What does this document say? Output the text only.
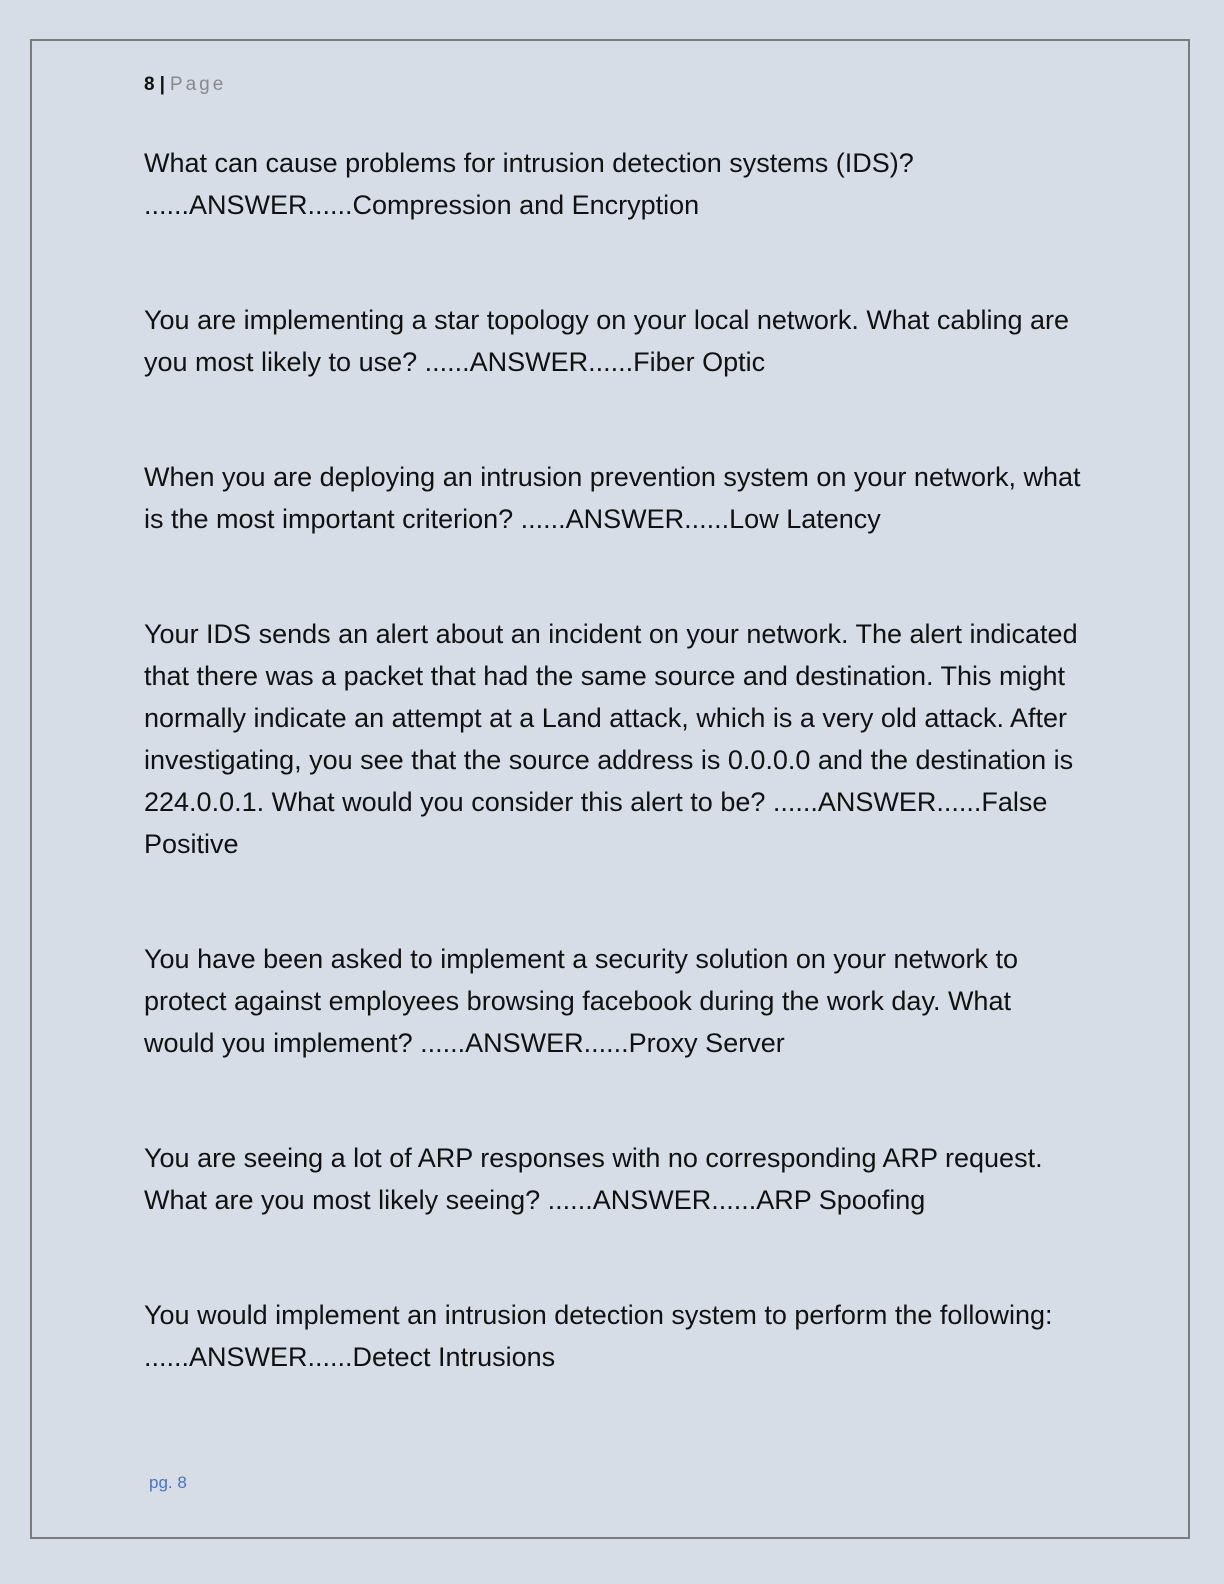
8 | Page

What can cause problems for intrusion detection systems (IDS)? ......ANSWER......Compression and Encryption

You are implementing a star topology on your local network. What cabling are you most likely to use? ......ANSWER......Fiber Optic

When you are deploying an intrusion prevention system on your network, what is the most important criterion? ......ANSWER......Low Latency

Your IDS sends an alert about an incident on your network. The alert indicated that there was a packet that had the same source and destination. This might normally indicate an attempt at a Land attack, which is a very old attack. After investigating, you see that the source address is 0.0.0.0 and the destination is 224.0.0.1. What would you consider this alert to be? ......ANSWER......False Positive

You have been asked to implement a security solution on your network to protect against employees browsing facebook during the work day. What would you implement? ......ANSWER......Proxy Server

You are seeing a lot of ARP responses with no corresponding ARP request. What are you most likely seeing? ......ANSWER......ARP Spoofing

You would implement an intrusion detection system to perform the following: ......ANSWER......Detect Intrusions

pg. 8
